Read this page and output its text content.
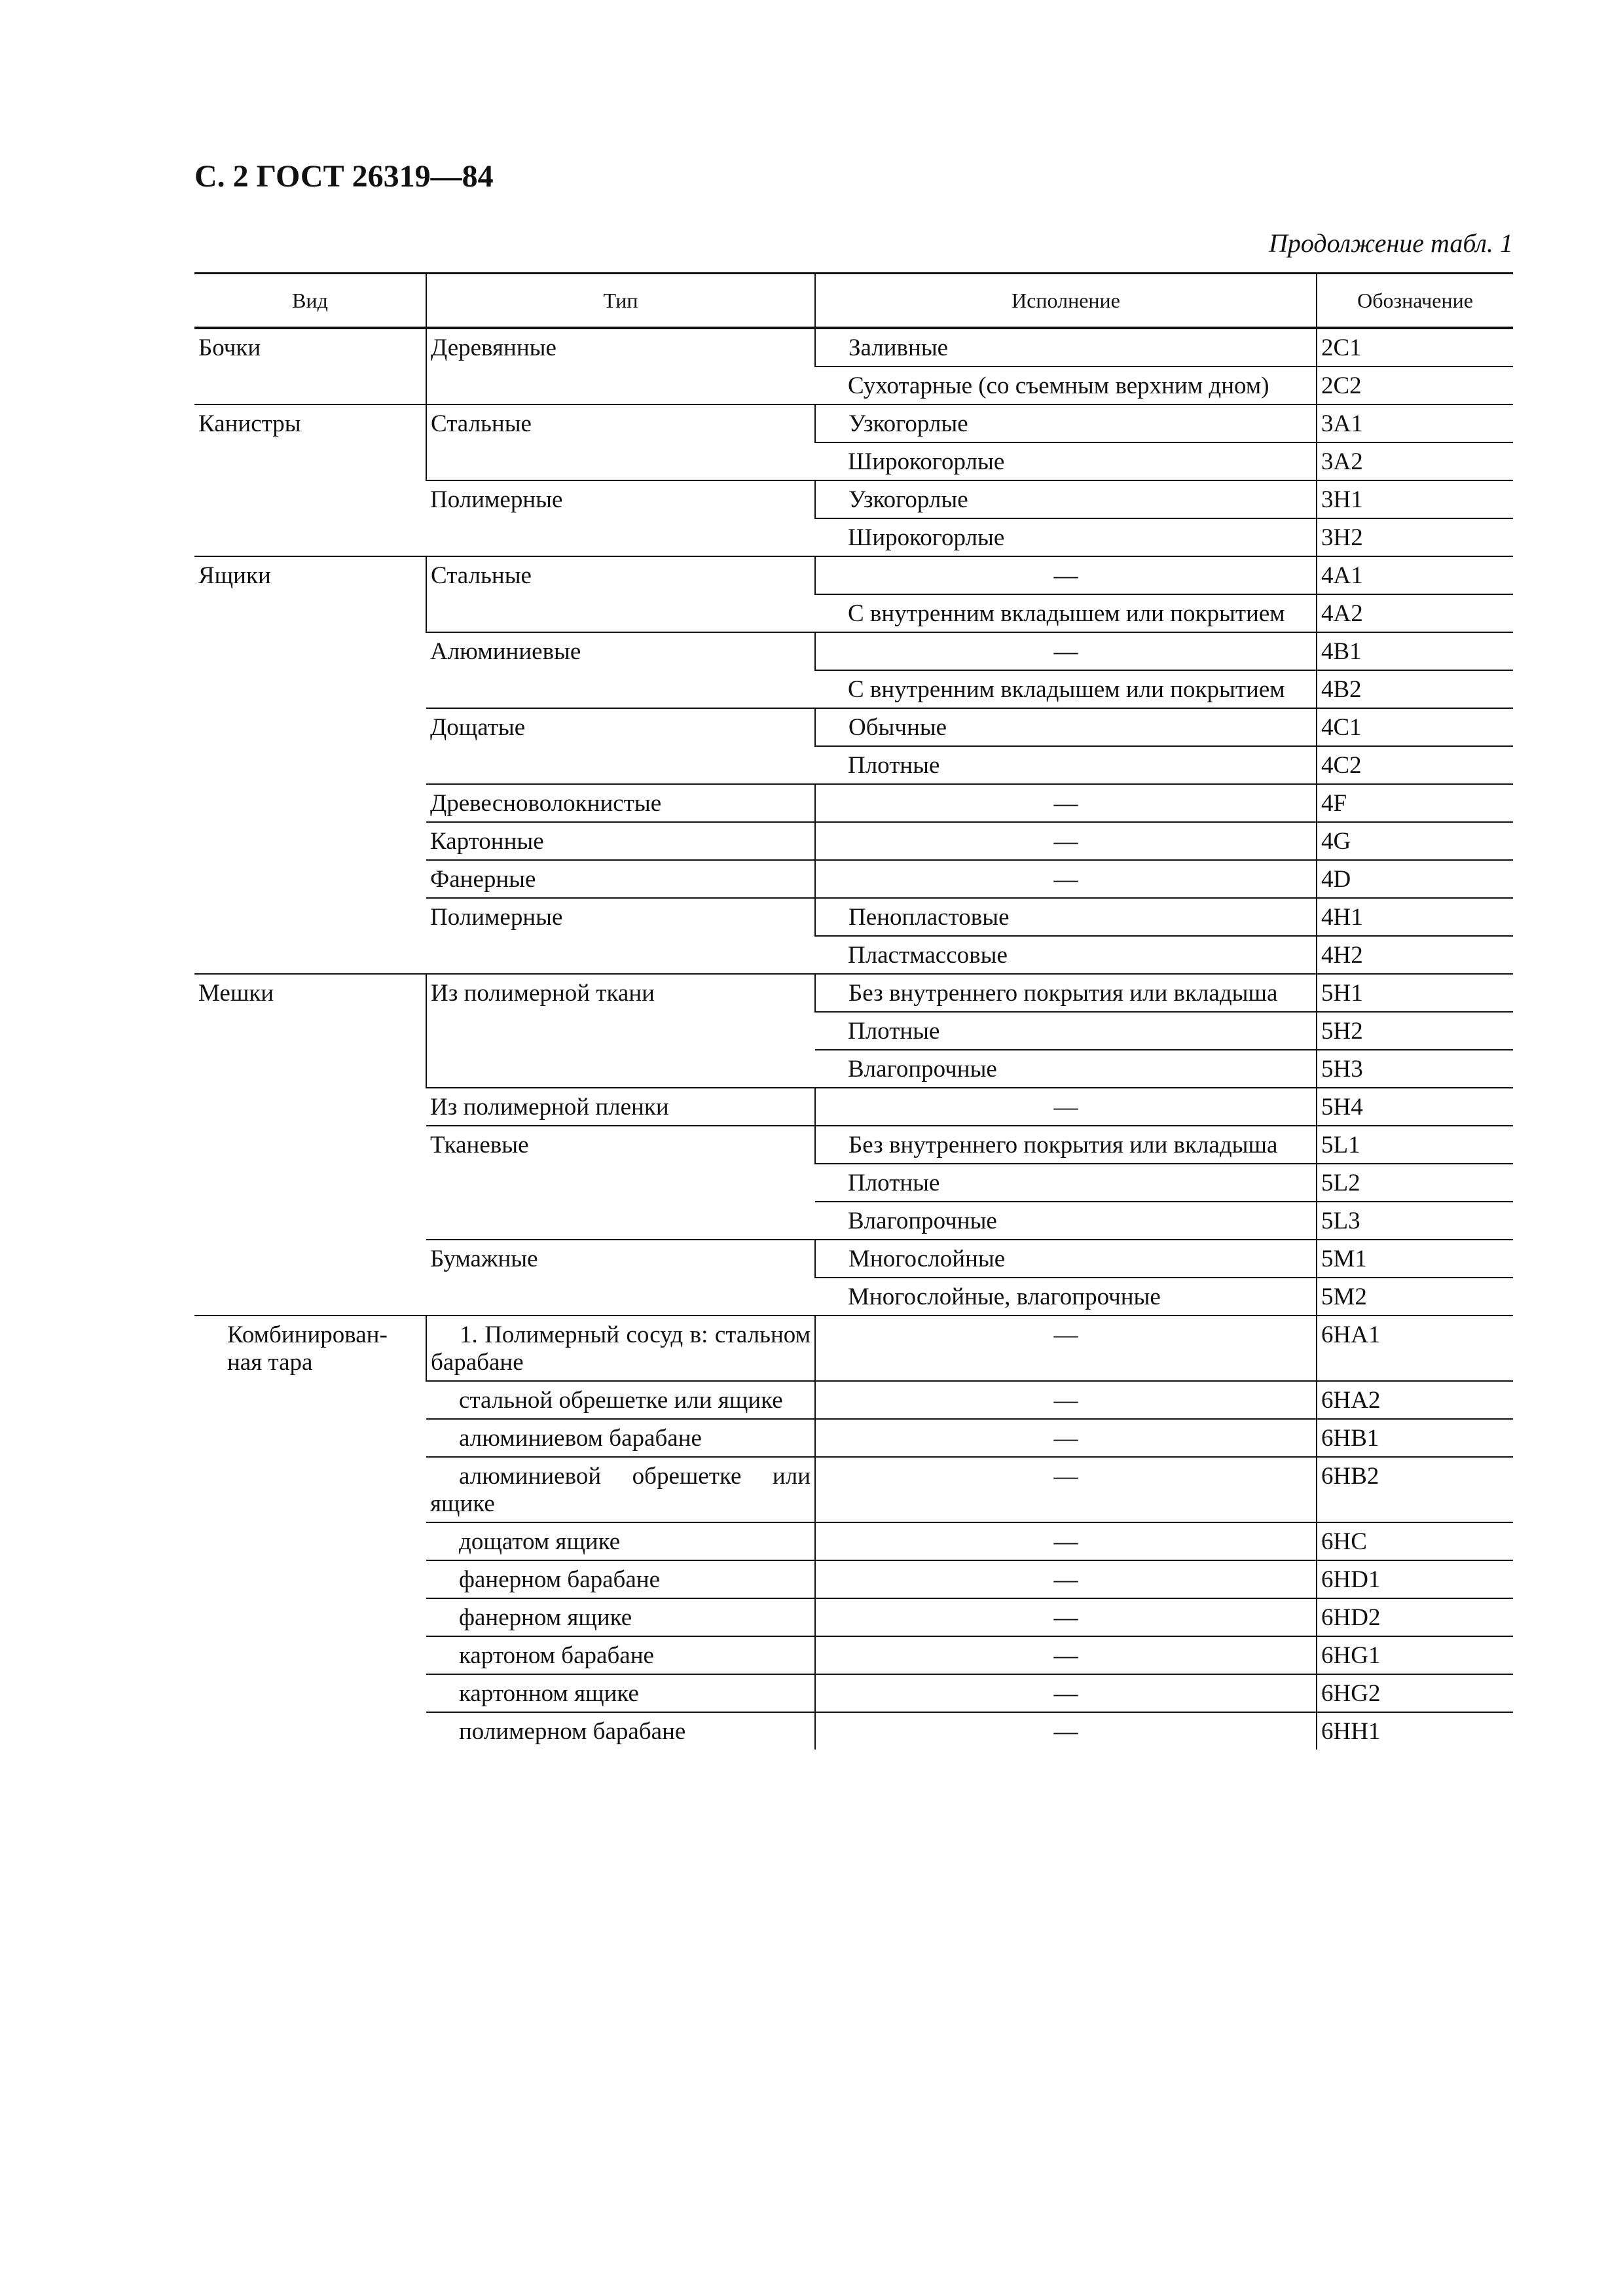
С. 2 ГОСТ 26319—84
Продолжение табл. 1
Вид	Тип	Исполнение	Обозначение
Бочки	Деревянные	Заливные	2C1
		Сухотарные (со съемным верхним дном)	2C2
Канистры	Стальные	Узкогорлые	3A1
		Широкогорлые	3A2
	Полимерные	Узкогорлые	3H1
		Широкогорлые	3H2
Ящики	Стальные	—	4A1
		С внутренним вкладышем или покрытием	4A2
	Алюминиевые	—	4B1
		С внутренним вкладышем или покрытием	4B2
	Дощатые	Обычные	4C1
		Плотные	4C2
	Древесноволокнистые	—	4F
	Картонные	—	4G
	Фанерные	—	4D
	Полимерные	Пенопластовые	4H1
		Пластмассовые	4H2
Мешки	Из полимерной ткани	Без внутреннего покрытия или вкладыша	5H1
		Плотные	5H2
		Влагопрочные	5H3
	Из полимерной пленки	—	5H4
	Тканевые	Без внутреннего покрытия или вкладыша	5L1
		Плотные	5L2
		Влагопрочные	5L3
	Бумажные	Многослойные	5M1
		Многослойные, влагопрочные	5M2

Комбинирован-ная тара	1. Полимерный сосуд в: стальном барабане	—	6HA1
	стальной обрешетке или ящике	—	6HA2
	алюминиевом барабане	—	6HB1
	алюминиевой обрешетке или ящике	—	6HB2
	дощатом ящике	—	6HC
	фанерном барабане	—	6HD1
	фанерном ящике	—	6HD2
	картоном барабане	—	6HG1
	картонном ящике	—	6HG2
	полимерном барабане	—	6HH1
